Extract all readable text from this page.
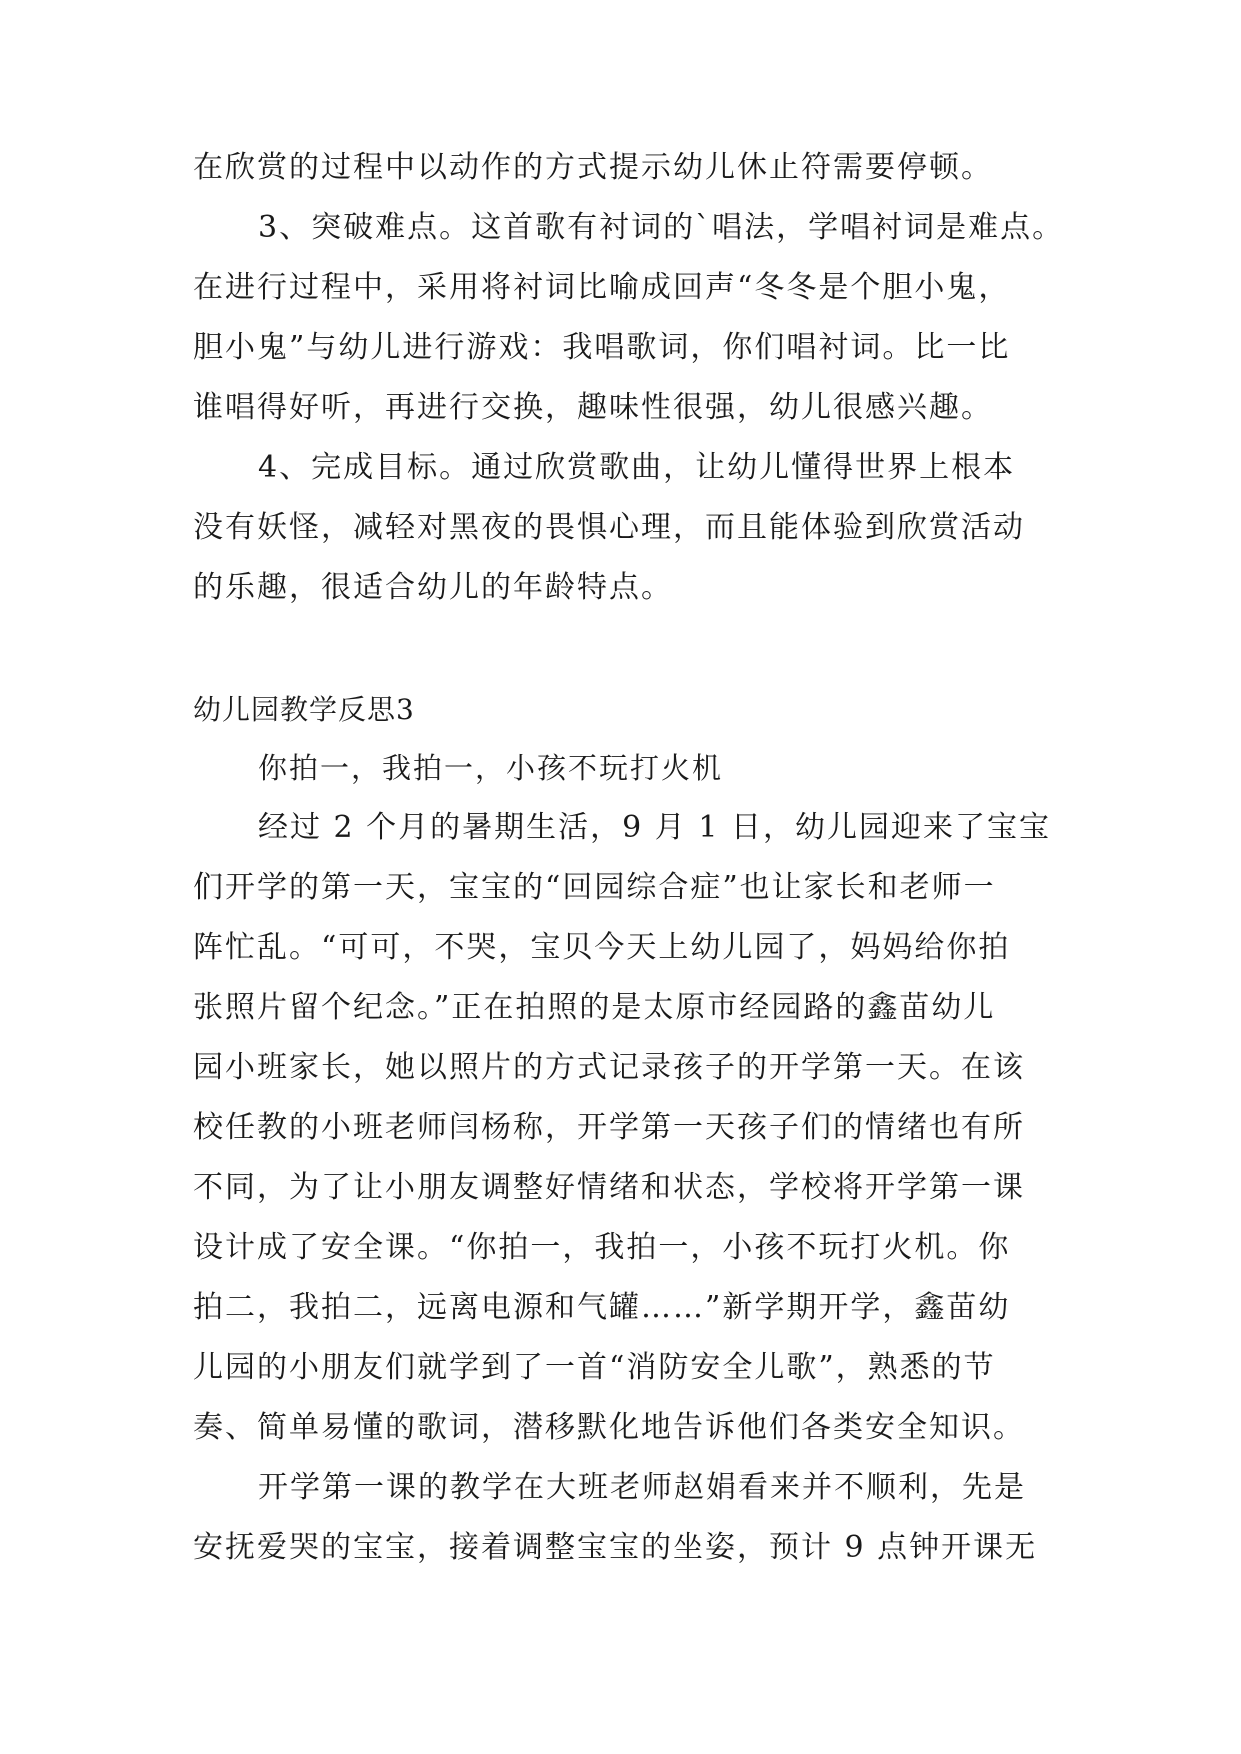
在欣赏的过程中以动作的方式提示幼儿休止符需要停顿。
3、突破难点。这首歌有衬词的`唱法，学唱衬词是难点。
在进行过程中，采用将衬词比喻成回声“冬冬是个胆小鬼，
胆小鬼”与幼儿进行游戏：我唱歌词，你们唱衬词。比一比
谁唱得好听，再进行交换，趣味性很强，幼儿很感兴趣。
4、完成目标。通过欣赏歌曲，让幼儿懂得世界上根本
没有妖怪，减轻对黑夜的畏惧心理，而且能体验到欣赏活动
的乐趣，很适合幼儿的年龄特点。
幼儿园教学反思3
你拍一，我拍一，小孩不玩打火机
经过 2 个月的暑期生活，9 月 1 日，幼儿园迎来了宝宝
们开学的第一天，宝宝的“回园综合症”也让家长和老师一
阵忙乱。“可可，不哭，宝贝今天上幼儿园了，妈妈给你拍
张照片留个纪念。”正在拍照的是太原市经园路的鑫苗幼儿
园小班家长，她以照片的方式记录孩子的开学第一天。在该
校任教的小班老师闫杨称，开学第一天孩子们的情绪也有所
不同，为了让小朋友调整好情绪和状态，学校将开学第一课
设计成了安全课。“你拍一，我拍一，小孩不玩打火机。你
拍二，我拍二，远离电源和气罐……”新学期开学，鑫苗幼
儿园的小朋友们就学到了一首“消防安全儿歌”，熟悉的节
奏、简单易懂的歌词，潜移默化地告诉他们各类安全知识。
开学第一课的教学在大班老师赵娟看来并不顺利，先是
安抚爱哭的宝宝，接着调整宝宝的坐姿，预计 9 点钟开课无
